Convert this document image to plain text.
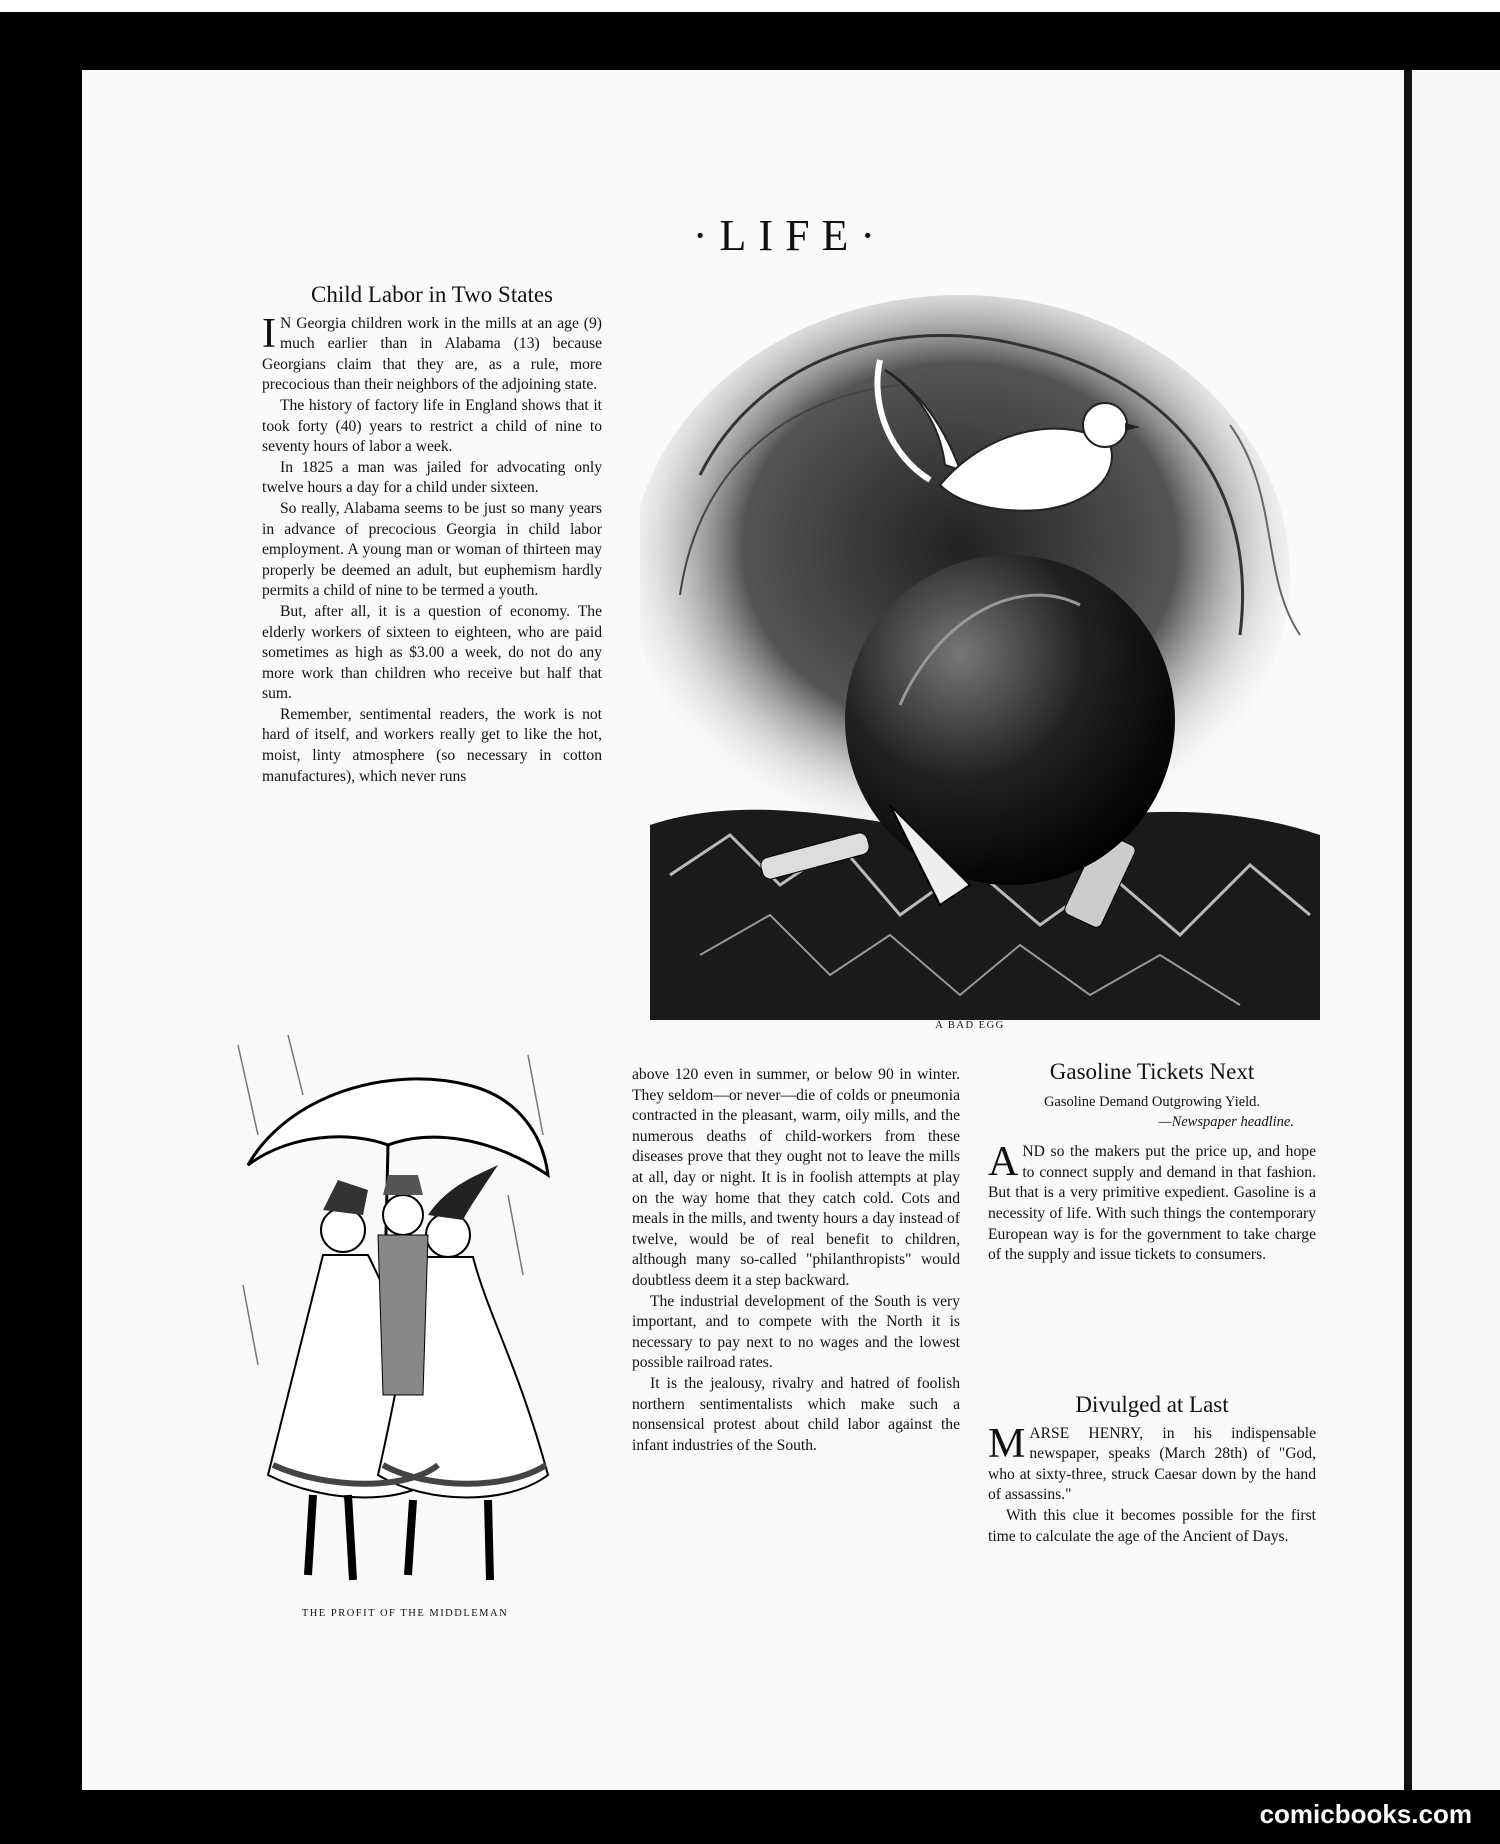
·LIFE·
Child Labor in Two States

I N Georgia children work in the mills at an age (9) much earlier than in Alabama (13) because Georgians claim that they are, as a rule, more precocious than their neighbors of the adjoining state.

The history of factory life in England shows that it took forty (40) years to restrict a child of nine to seventy hours of labor a week.

In 1825 a man was jailed for advocating only twelve hours a day for a child under sixteen.

So really, Alabama seems to be just so many years in advance of precocious Georgia in child labor employment. A young man or woman of thirteen may properly be deemed an adult, but euphemism hardly permits a child of nine to be termed a youth.

But, after all, it is a question of economy. The elderly workers of sixteen to eighteen, who are paid sometimes as high as $3.00 a week, do not do any more work than children who receive but half that sum.

Remember, sentimental readers, the work is not hard of itself, and workers really get to like the hot, moist, linty atmosphere (so necessary in cotton manufactures), which never runs

A BAD EGG
THE PROFIT OF THE MIDDLEMAN

above 120 even in summer, or below 90 in winter. They seldom—or never—die of colds or pneumonia contracted in the pleasant, warm, oily mills, and the numerous deaths of child-workers from these diseases prove that they ought not to leave the mills at all, day or night. It is in foolish attempts at play on the way home that they catch cold. Cots and meals in the mills, and twenty hours a day instead of twelve, would be of real benefit to children, although many so-called "philanthropists" would doubtless deem it a step backward.

The industrial development of the South is very important, and to compete with the North it is necessary to pay next to no wages and the lowest possible railroad rates.

It is the jealousy, rivalry and hatred of foolish northern sentimentalists which make such a nonsensical protest about child labor against the infant industries of the South.

Gasoline Tickets Next
Gasoline Demand Outgrowing Yield.
—Newspaper headline.

AND so the makers put the price up, and hope to connect supply and demand in that fashion. But that is a very primitive expedient. Gasoline is a necessity of life. With such things the contemporary European way is for the government to take charge of the supply and issue tickets to consumers.

Divulged at Last

MARSE HENRY, in his indispensable newspaper, speaks (March 28th) of "God, who at sixty-three, struck Caesar down by the hand of assassins."

With this clue it becomes possible for the first time to calculate the age of the Ancient of Days.

comicbooks.com
